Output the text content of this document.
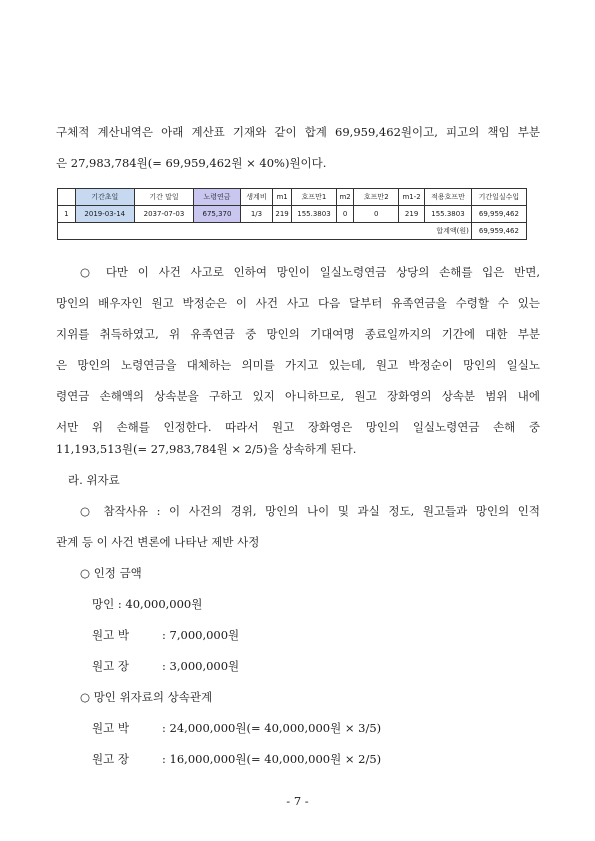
구체적 계산내역은 아래 계산표 기재와 같이 합계 69,959,462원이고, 피고의 책임 부분
은 27,983,784원(= 69,959,462원 × 40%)원이다.
	기간초일	기간 말일	노령연금	생계비	m1	호프만1	m2	호프만2	m1-2	적용호프만	기간일실수입
1	2019-03-14	2037-07-03	675,370	1/3	219	155.3803	0	0	219	155.3803	69,959,462
합계액(원)											69,959,462
○ 다만 이 사건 사고로 인하여 망인이 일실노령연금 상당의 손해를 입은 반면,
망인의 배우자인 원고 박정순은 이 사건 사고 다음 달부터 유족연금을 수령할 수 있는
지위를 취득하였고, 위 유족연금 중 망인의 기대여명 종료일까지의 기간에 대한 부분
은 망인의 노령연금을 대체하는 의미를 가지고 있는데, 원고 박정순이 망인의 일실노
령연금 손해액의 상속분을 구하고 있지 아니하므로, 원고 장화영의 상속분 범위 내에
서만 위 손해를 인정한다. 따라서 원고 장화영은 망인의 일실노령연금 손해 중
11,193,513원(= 27,983,784원 × 2/5)을 상속하게 된다.
라. 위자료
○ 참작사유 : 이 사건의 경위, 망인의 나이 및 과실 정도, 원고들과 망인의 인적
관계 등 이 사건 변론에 나타난 제반 사정
○ 인정 금액
망인 : 40,000,000원
원고 박	: 7,000,000원
원고 장	: 3,000,000원
○ 망인 위자료의 상속관계
원고 박	: 24,000,000원(= 40,000,000원 × 3/5)
원고 장	: 16,000,000원(= 40,000,000원 × 2/5)
- 7 -
